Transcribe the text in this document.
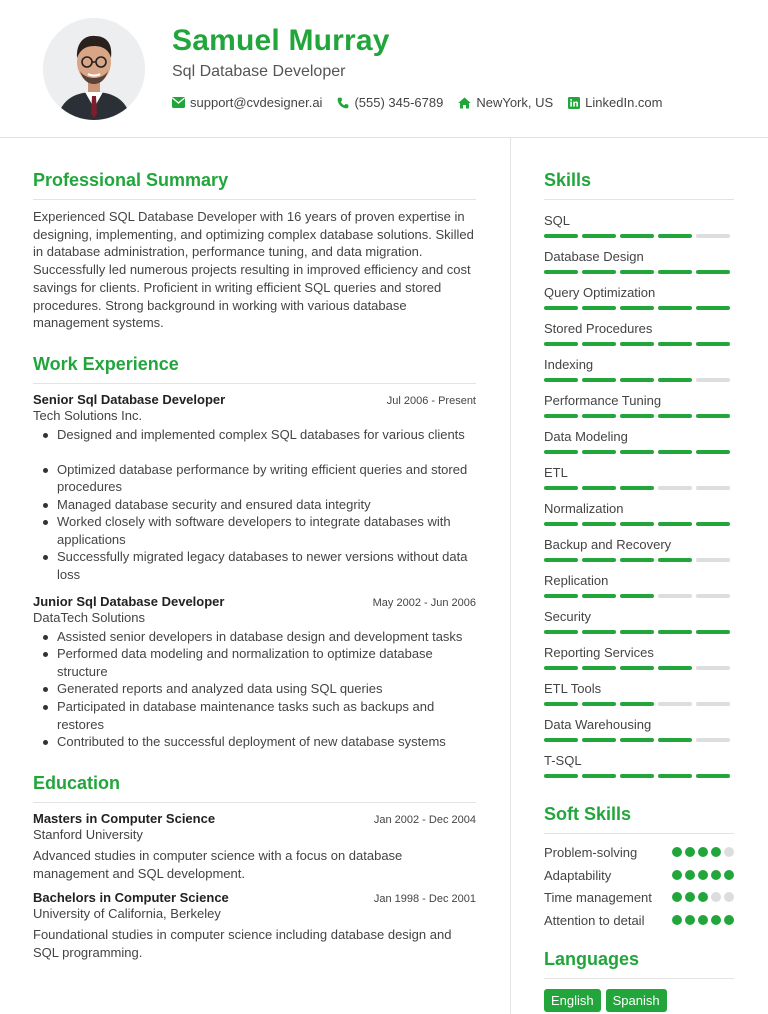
Samuel Murray
Sql Database Developer
support@cvdesigner.ai (555) 345-6789	NewYork, US LinkedIn.com
Professional Summary

Experienced SQL Database Developer with 16 years of proven expertise in designing, implementing, and optimizing complex database solutions. Skilled in database administration, performance tuning, and data migration. Successfully led numerous projects resulting in improved efficiency and cost savings for clients. Proficient in writing efficient SQL queries and stored procedures. Strong background in working with various database management systems.

Work Experience
Senior Sql Database Developer	Jul 2006 - Present
Tech Solutions Inc.
Designed and implemented complex SQL databases for various clients
Optimized database performance by writing efficient queries and stored procedures
Managed database security and ensured data integrity
Worked closely with software developers to integrate databases with applications
Successfully migrated legacy databases to newer versions without data loss
Junior Sql Database Developer	May 2002 - Jun 2006
DataTech Solutions
Assisted senior developers in database design and development tasks
Performed data modeling and normalization to optimize database structure
Generated reports and analyzed data using SQL queries
Participated in database maintenance tasks such as backups and restores
Contributed to the successful deployment of new database systems
Education
Masters in Computer Science	Jan 2002 - Dec 2004
Stanford University

Advanced studies in computer science with a focus on database management and SQL development.

Bachelors in Computer Science	Jan 1998 - Dec 2001
University of California, Berkeley

Foundational studies in computer science including database design and SQL programming.

Skills
SQL
Database Design
Query Optimization
Stored Procedures
Indexing
Performance Tuning
Data Modeling
ETL
Normalization
Backup and Recovery
Replication
Security
Reporting Services
ETL Tools
Data Warehousing
T-SQL
Soft Skills
Problem-solving
Adaptability
Time management
Attention to detail
Languages
English	Spanish
